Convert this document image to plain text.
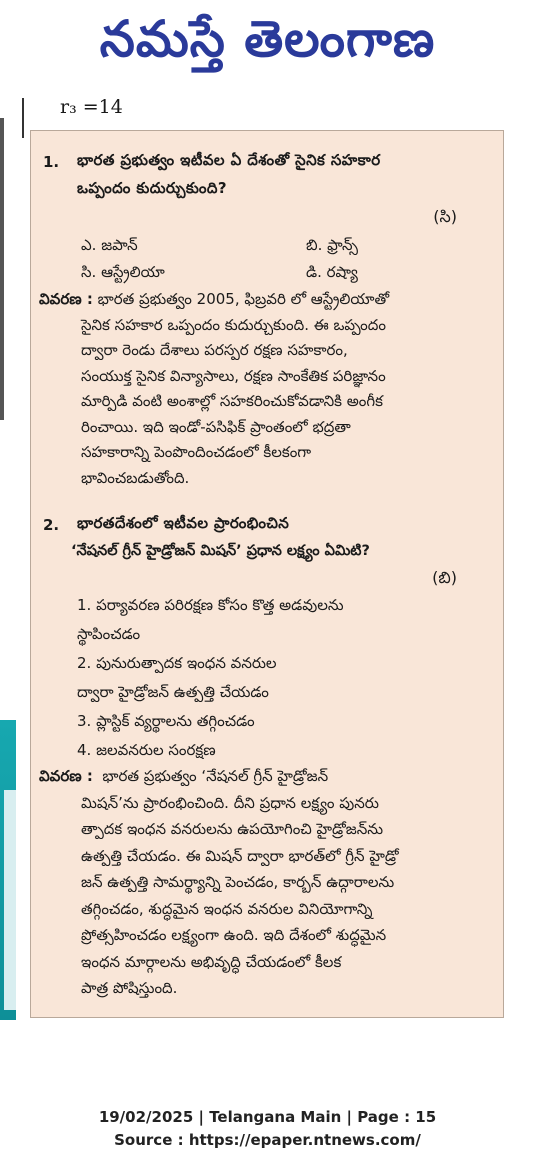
నమస్తే తెలంగాణ
r₃ =14
1. భారత ప్రభుత్వం ఇటీవల ఏ దేశంతో సైనిక సహకార
ఒప్పందం కుదుర్చుకుంది?
(సి)
ఎ. జపాన్	బి. ఫ్రాన్స్
సి. ఆస్ట్రేలియా	డి. రష్యా
వివరణ : భారత ప్రభుత్వం 2005, ఫిబ్రవరి లో ఆస్ట్రేలియాతో
సైనిక సహకార ఒప్పందం కుదుర్చుకుంది. ఈ ఒప్పందం
ద్వారా రెండు దేశాలు పరస్పర రక్షణ సహకారం,
సంయుక్త సైనిక విన్యాసాలు, రక్షణ సాంకేతిక పరిజ్ఞానం
మార్పిడి వంటి అంశాల్లో సహకరించుకోవడానికి అంగీక
రించాయి. ఇది ఇండో-పసిఫిక్ ప్రాంతంలో భద్రతా
సహకారాన్ని పెంపొందించడంలో కీలకంగా
భావించబడుతోంది.
2. భారతదేశంలో ఇటీవల ప్రారంభించిన
‘నేషనల్ గ్రీన్ హైడ్రోజన్ మిషన్’ ప్రధాన లక్ష్యం ఏమిటి?
(బి)
1. పర్యావరణ పరిరక్షణ కోసం కొత్త అడవులను
స్థాపించడం
2. పునురుత్పాదక ఇంధన వనరుల
ద్వారా హైడ్రోజన్ ఉత్పత్తి చేయడం
3. ప్లాస్టిక్ వ్యర్థాలను తగ్గించడం
4. జలవనరుల సంరక్షణ
వివరణ : భారత ప్రభుత్వం ‘నేషనల్ గ్రీన్ హైడ్రోజన్
మిషన్’ను ప్రారంభించింది. దీని ప్రధాన లక్ష్యం పునరు
త్పాదక ఇంధన వనరులను ఉపయోగించి హైడ్రోజన్‌ను
ఉత్పత్తి చేయడం. ఈ మిషన్ ద్వారా భారత్‌లో గ్రీన్ హైడ్రో
జన్ ఉత్పత్తి సామర్థ్యాన్ని పెంచడం, కార్బన్ ఉద్గారాలను
తగ్గించడం, శుద్ధమైన ఇంధన వనరుల వినియోగాన్ని
ప్రోత్సహించడం లక్ష్యంగా ఉంది. ఇది దేశంలో శుద్ధమైన
ఇంధన మార్గాలను అభివృద్ధి చేయడంలో కీలక
పాత్ర పోషిస్తుంది.
19/02/2025 | Telangana Main | Page : 15
Source : https://epaper.ntnews.com/
